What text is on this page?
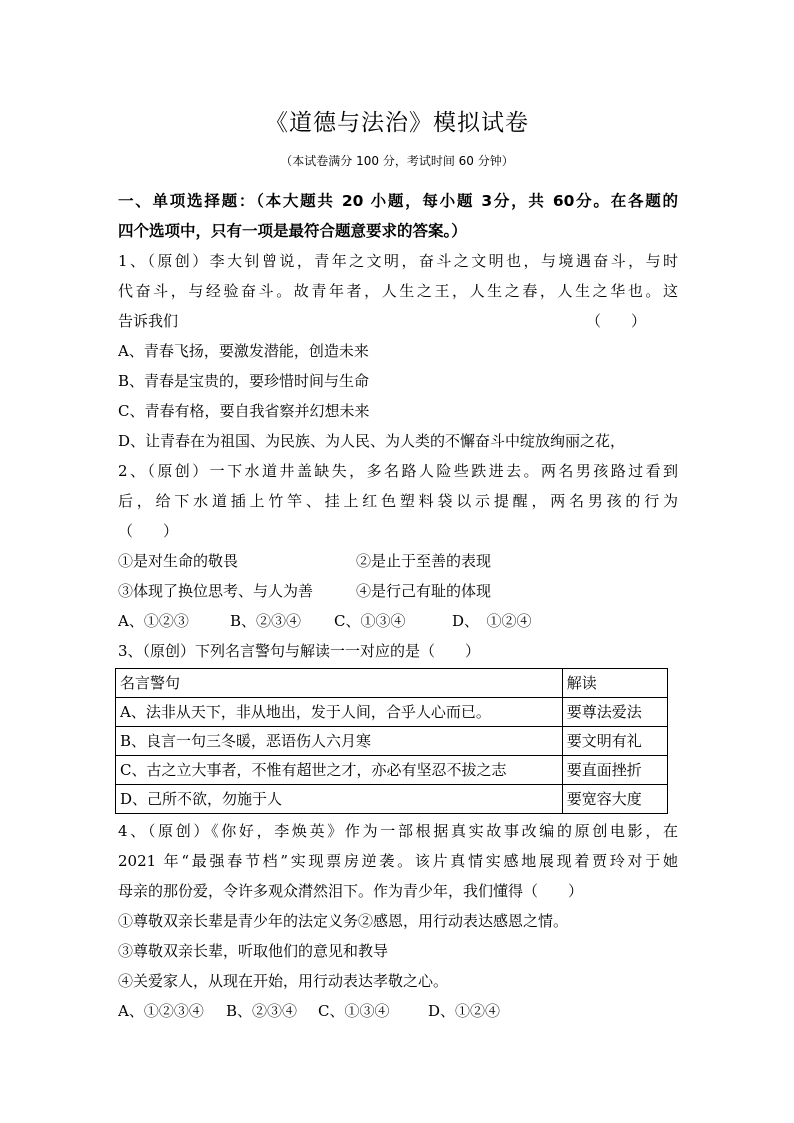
《道德与法治》模拟试卷
（本试卷满分 100 分，考试时间 60 分钟）
一、单项选择题：（本大题共 20 小题，每小题 3分，共 60分。在各题的
四个选项中，只有一项是最符合题意要求的答案。）
1、（原创）李大钊曾说，青年之文明，奋斗之文明也，与境遇奋斗，与时
代奋斗，与经验奋斗。故青年者，人生之王，人生之春，人生之华也。这
告诉我们	（　　）
A、青春飞扬，要激发潜能，创造未来
B、青春是宝贵的，要珍惜时间与生命
C、青春有格，要自我省察并幻想未来
D、让青春在为祖国、为民族、为人民、为人类的不懈奋斗中绽放绚丽之花，
2、（原创）一下水道井盖缺失，多名路人险些跌进去。两名男孩路过看到
后，给下水道插上竹竿、挂上红色塑料袋以示提醒，两名男孩的行为
（　　）
①是对生命的敬畏	②是止于至善的表现
③体现了换位思考、与人为善	④是行己有耻的体现
A、①②③	B、②③④	C、①③④	D、　①②④
3、（原创）下列名言警句与解读一一对应的是（　　）
名言警句	解读
A、法非从天下，非从地出，发于人间，合乎人心而已。	要尊法爱法
B、良言一句三冬暖，恶语伤人六月寒	要文明有礼
C、古之立大事者，不惟有超世之才，亦必有坚忍不拔之志	要直面挫折
D、己所不欲，勿施于人	要宽容大度
4、（原创）《你好，李焕英》作为一部根据真实故事改编的原创电影，在
2021 年“最强春节档”实现票房逆袭。该片真情实感地展现着贾玲对于她
母亲的那份爱，令许多观众潸然泪下。作为青少年，我们懂得（　　）
①尊敬双亲长辈是青少年的法定义务②感恩，用行动表达感恩之情。
③尊敬双亲长辈，听取他们的意见和教导
④关爱家人，从现在开始，用行动表达孝敬之心。
A、①②③④	B、②③④	C、①③④	D、①②④
